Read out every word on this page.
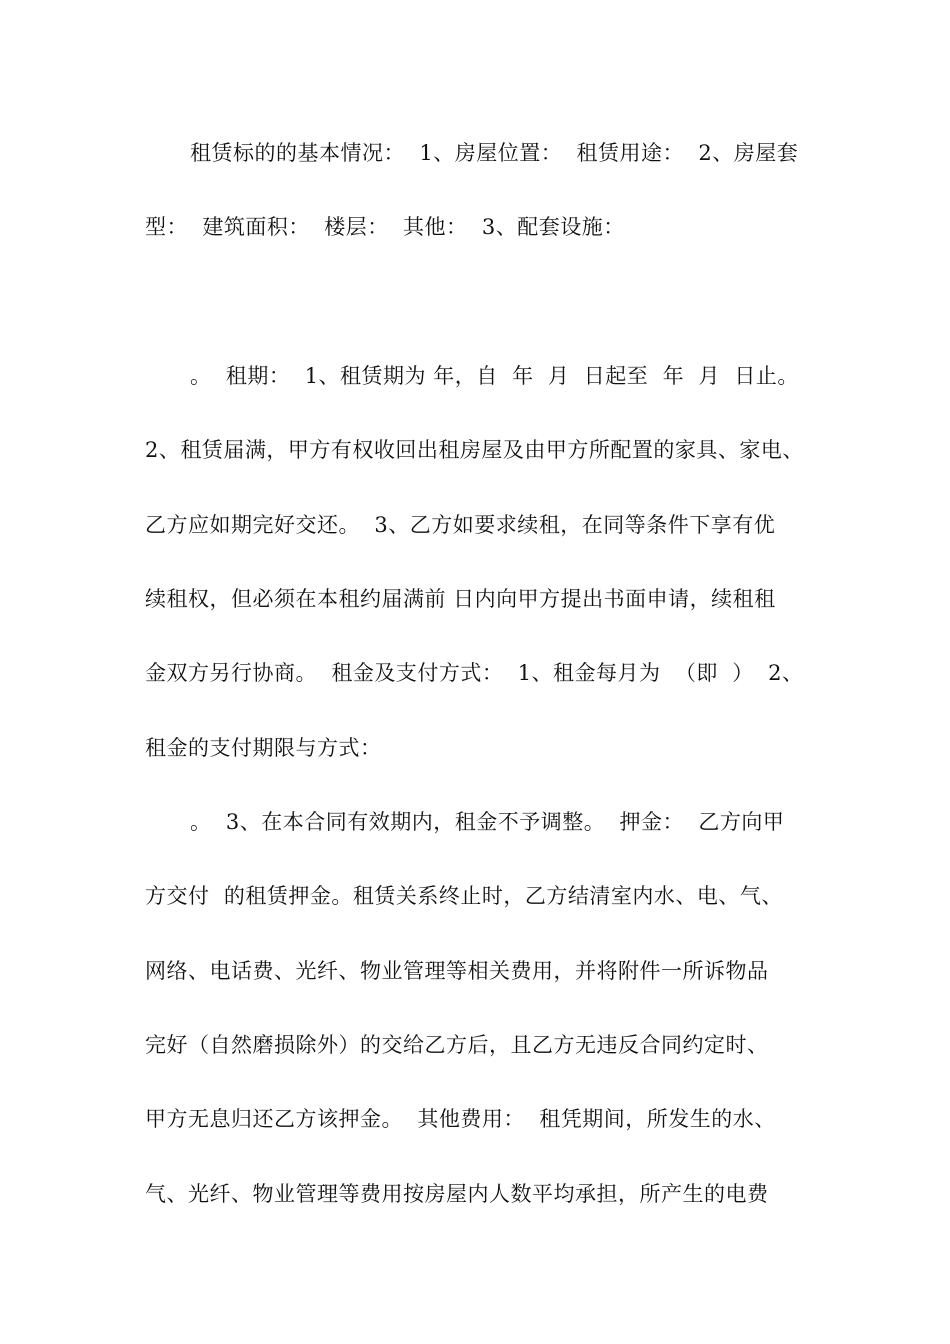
租赁标的的基本情况：  1、房屋位置：  租赁用途：  2、房屋套
型：  建筑面积：  楼层：  其他：  3、配套设施：
。  租期：  1、租赁期为 年，自  年  月  日起至  年  月  日止。
2、租赁届满，甲方有权收回出租房屋及由甲方所配置的家具、家电、
乙方应如期完好交还。  3、乙方如要求续租，在同等条件下享有优
续租权，但必须在本租约届满前 日内向甲方提出书面申请，续租租
金双方另行协商。  租金及支付方式：  1、租金每月为  （即  ）  2、
租金的支付期限与方式：
。  3、在本合同有效期内，租金不予调整。  押金：  乙方向甲
方交付  的租赁押金。租赁关系终止时，乙方结清室内水、电、气、
网络、电话费、光纤、物业管理等相关费用，并将附件一所诉物品
完好（自然磨损除外）的交给乙方后，且乙方无违反合同约定时、
甲方无息归还乙方该押金。  其他费用：  租凭期间，所发生的水、
气、光纤、物业管理等费用按房屋内人数平均承担，所产生的电费
